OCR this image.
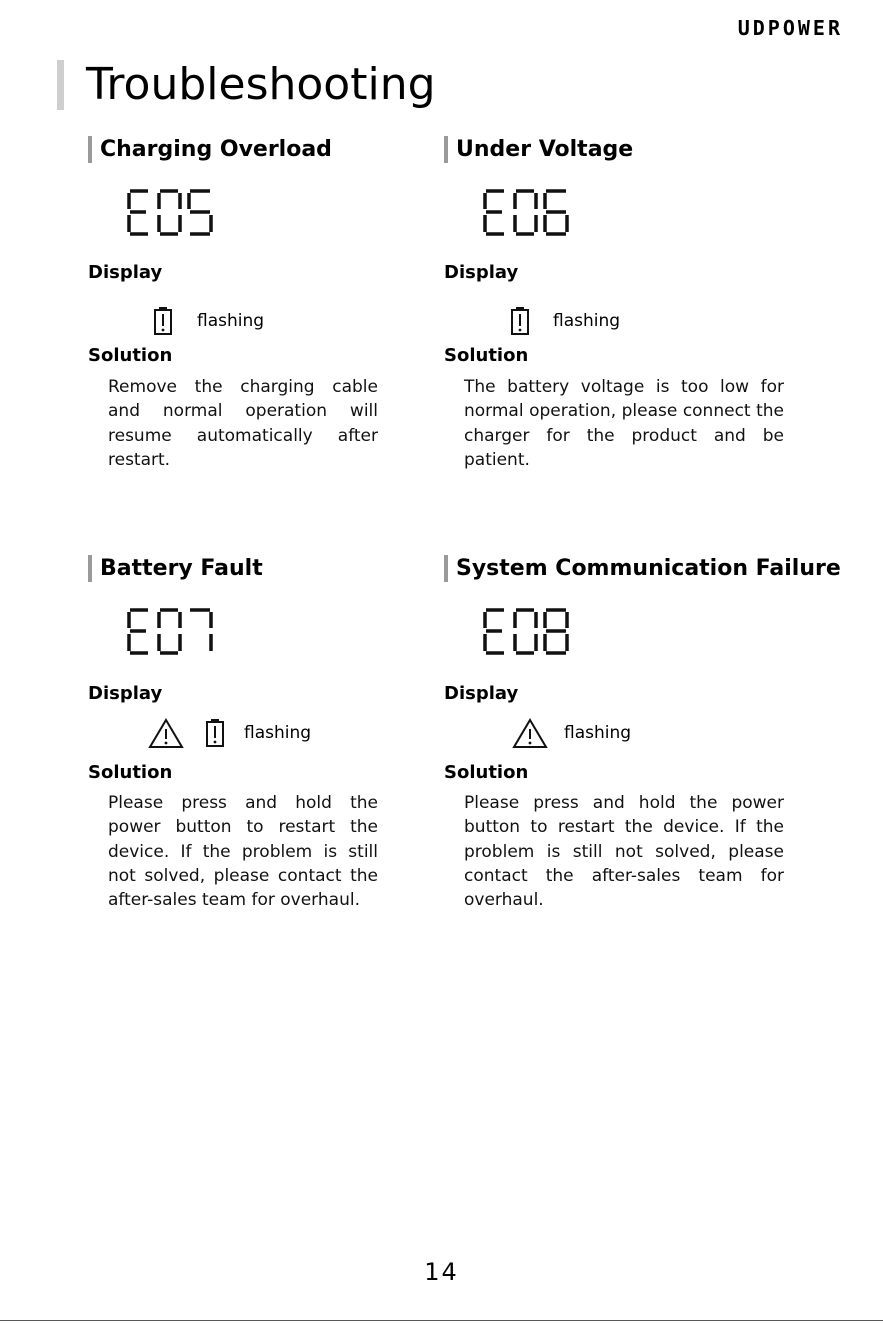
UDPOWER
Troubleshooting
Charging Overload
Display
flashing
Solution

Remove the charging cable and normal operation will resume automatically after restart.

Under Voltage
Display
flashing
Solution

The battery voltage is too low for normal operation, please connect the charger for the product and be patient.

Battery Fault
Display
flashing
Solution

Please press and hold the power button to restart the device. If the problem is still not solved, please contact the after-sales team for overhaul.

System Communication Failure
Display
flashing
Solution

Please press and hold the power button to restart the device. If the problem is still not solved, please contact the after-sales team for overhaul.

14
